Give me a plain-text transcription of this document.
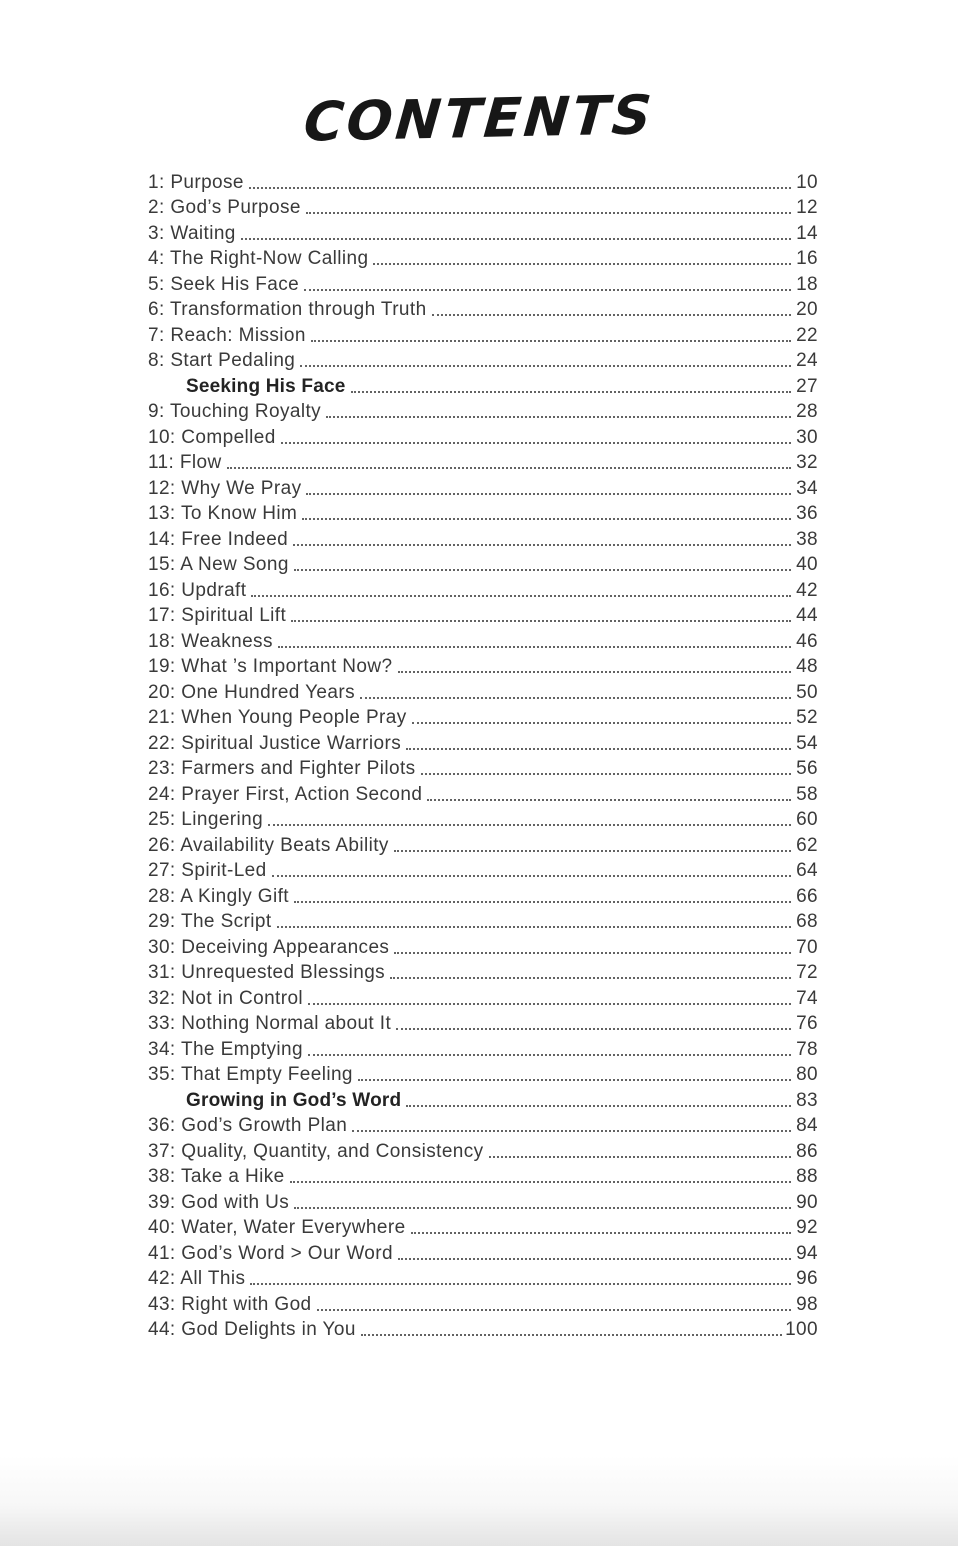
CONTENTS
1: Purpose	10
2: God’s Purpose	12
3: Waiting	14
4: The Right-Now Calling	16
5: Seek His Face	18
6: Transformation through Truth	20
7: Reach: Mission	22
8: Start Pedaling	24
Seeking His Face	27
9: Touching Royalty	28
10: Compelled	30
11: Flow	32
12: Why We Pray	34
13: To Know Him	36
14: Free Indeed	38
15: A New Song	40
16: Updraft	42
17: Spiritual Lift	44
18: Weakness	46
19: What ’s Important Now?	48
20: One Hundred Years	50
21: When Young People Pray	52
22: Spiritual Justice Warriors	54
23: Farmers and Fighter Pilots	56
24: Prayer First, Action Second	58
25: Lingering	60
26: Availability Beats Ability	62
27: Spirit-Led	64
28: A Kingly Gift	66
29: The Script	68
30: Deceiving Appearances	70
31: Unrequested Blessings	72
32: Not in Control	74
33: Nothing Normal about It	76
34: The Emptying	78
35: That Empty Feeling	80
Growing in God’s Word	83
36: God’s Growth Plan	84
37: Quality, Quantity, and Consistency	86
38: Take a Hike	88
39: God with Us	90
40: Water, Water Everywhere	92
41: God’s Word > Our Word	94
42: All This	96
43: Right with God	98
44: God Delights in You	100
